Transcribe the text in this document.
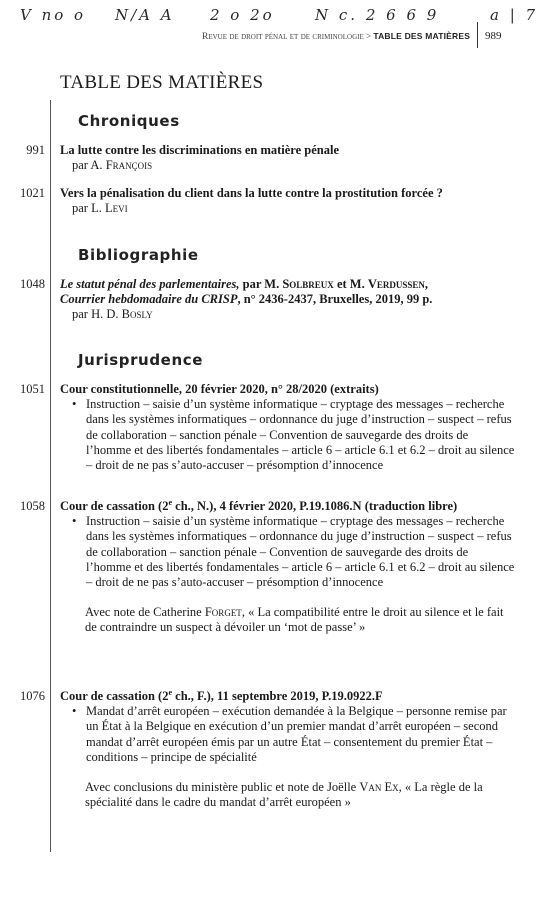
V no o N/A A 2 o 2o	N c. 2 6 6 9	a | 7
Revue de droit pénal et de criminologie > TABLE DES MATIÈRES 989
TABLE DES MATIÈRES
Chroniques
991 La lutte contre les discriminations en matière pénale
par A. François
1021 Vers la pénalisation du client dans la lutte contre la prostitution forcée ?
par L. Levi
Bibliographie
1048 Le statut pénal des parlementaires, par M. Solbreux et M. Verdussen,
Courrier hebdomadaire du CRISP, n° 2436-2437, Bruxelles, 2019, 99 p.
par H. D. Bosly
Jurisprudence
1051 Cour constitutionnelle, 20 février 2020, n° 28/2020 (extraits)
• Instruction – saisie d’un système informatique – cryptage des messages – recherche dans les systèmes informatiques – ordonnance du juge d’instruction – suspect – refus de collaboration – sanction pénale – Convention de sauvegarde des droits de l’homme et des libertés fondamentales – article 6 – article 6.1 et 6.2 – droit au silence – droit de ne pas s’auto-accuser – présomption d’innocence
1058 Cour de cassation (2e ch., N.), 4 février 2020, P.19.1086.N (traduction libre)
• Instruction – saisie d’un système informatique – cryptage des messages – recherche dans les systèmes informatiques – ordonnance du juge d’instruction – suspect – refus de collaboration – sanction pénale – Convention de sauvegarde des droits de l’homme et des libertés fondamentales – article 6 – article 6.1 et 6.2 – droit au silence – droit de ne pas s’auto-accuser – présomption d’innocence
Avec note de Catherine Forget, « La compatibilité entre le droit au silence et le fait de contraindre un suspect à dévoiler un ‘mot de passe’ »
1076 Cour de cassation (2e ch., F.), 11 septembre 2019, P.19.0922.F
• Mandat d’arrêt européen – exécution demandée à la Belgique – personne remise par un État à la Belgique en exécution d’un premier mandat d’arrêt européen – second mandat d’arrêt européen émis par un autre État – consentement du premier État – conditions – principe de spécialité
Avec conclusions du ministère public et note de Joëlle Van Ex, « La règle de la spécialité dans le cadre du mandat d’arrêt européen »
